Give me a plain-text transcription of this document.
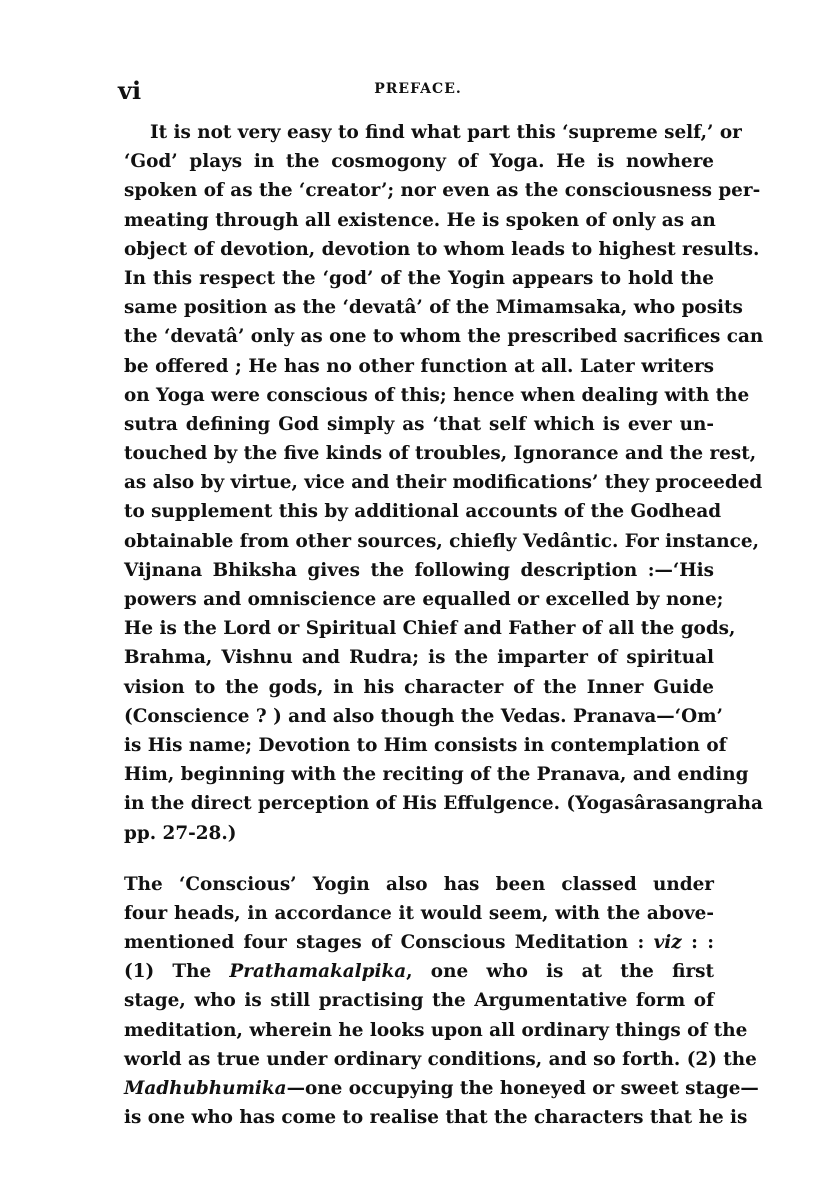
vi	PREFACE.
It is not very easy to find what part this ‘supreme self,’ or
‘God’ plays in the cosmogony of Yoga. He is nowhere
spoken of as the ‘creator’; nor even as the consciousness per-
meating through all existence. He is spoken of only as an
object of devotion, devotion to whom leads to highest results.
In this respect the ‘god’ of the Yogin appears to hold the
same position as the ‘devatâ’ of the Mimamsaka, who posits
the ‘devatâ’ only as one to whom the prescribed sacrifices can
be offered ; He has no other function at all. Later writers
on Yoga were conscious of this; hence when dealing with the
sutra defining God simply as ‘that self which is ever un-
touched by the five kinds of troubles, Ignorance and the rest,
as also by virtue, vice and their modifications’ they proceeded
to supplement this by additional accounts of the Godhead
obtainable from other sources, chiefly Vedântic. For instance,
Vijnana Bhiksha gives the following description :—‘His
powers and omniscience are equalled or excelled by none;
He is the Lord or Spiritual Chief and Father of all the gods,
Brahma, Vishnu and Rudra; is the imparter of spiritual
vision to the gods, in his character of the Inner Guide
(Conscience ? ) and also though the Vedas. Pranava—‘Om’
is His name; Devotion to Him consists in contemplation of
Him, beginning with the reciting of the Pranava, and ending
in the direct perception of His Effulgence. (Yogasârasangraha
pp. 27-28.)
The ‘Conscious’ Yogin also has been classed under
four heads, in accordance it would seem, with the above-
mentioned four stages of Conscious Meditation : viz : :
(1) The Prathamakalpika, one who is at the first
stage, who is still practising the Argumentative form of
meditation, wherein he looks upon all ordinary things of the
world as true under ordinary conditions, and so forth. (2) the
Madhubhumika—one occupying the honeyed or sweet stage—
is one who has come to realise that the characters that he is
